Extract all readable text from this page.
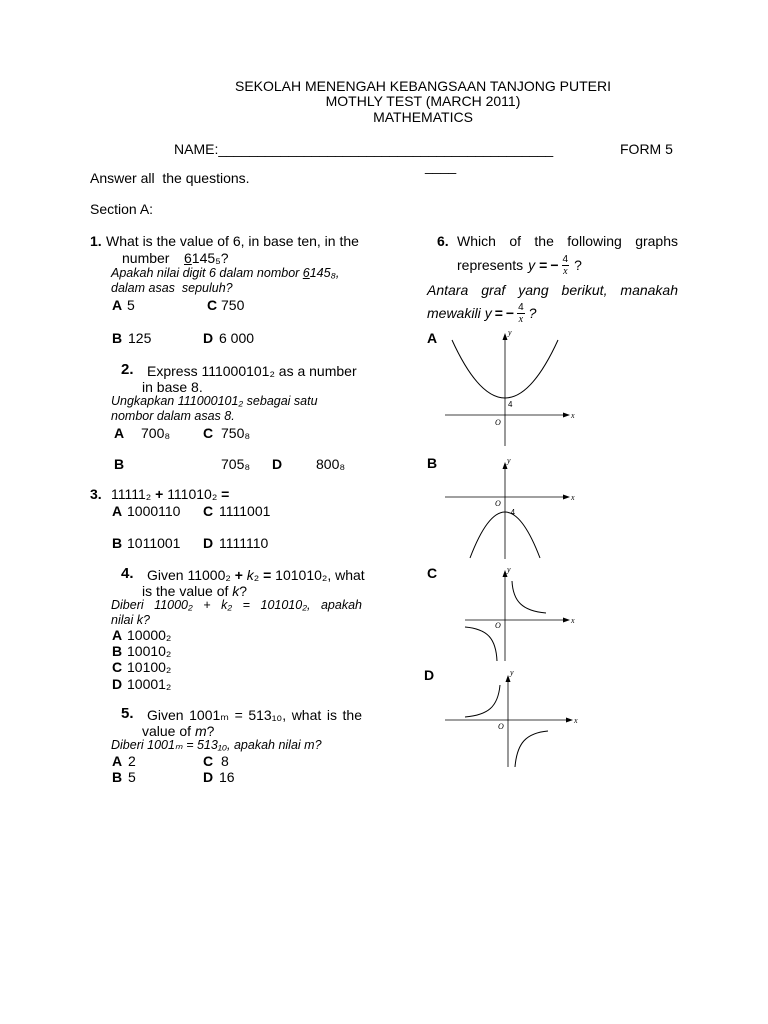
SEKOLAH MENENGAH KEBANGSAAN TANJONG PUTERI
MOTHLY TEST (MARCH 2011)
MATHEMATICS
NAME:___________________________________________	FORM 5
____
Answer all  the questions.
Section A:
1. What is the value of 6, in base ten, in the
number 6145₅?
Apakah nilai digit 6 dalam nombor 6145₈,
dalam asas  sepuluh?
A 5	C 750
B 125	D 6 000
2. Express 111000101₂ as a number
in base 8.
Ungkapkan 111000101₂ sebagai satu
nombor dalam asas 8.
A 700₈ C 750₈
B	705₈ D 800₈
3. 11111₂ + 111010₂ =
A 1000110 C 1111001
B 1011001 D 1111110
4. Given 11000₂ + k₂ = 101010₂, what
is the value of k?
Diberi 11000₂ + k₂ = 101010₂, apakah
nilai k?
A 10000₂
B 10010₂
C 10100₂
D 10001₂
5. Given 1001ₘ = 513₁₀, what is the
value of m?
Diberi 1001ₘ = 513₁₀, apakah nilai m?
A 2	C 8
B 5	D 16
6. Which of the following graphs
represents y = − $\frac{4}{x}$ ?
Antara graf yang berikut, manakah
mewakili y = − $\frac{4}{x}$ ?
A
B
C
D
y
x
O
4
y
x
O
-4
y
x
O
y
x
O
